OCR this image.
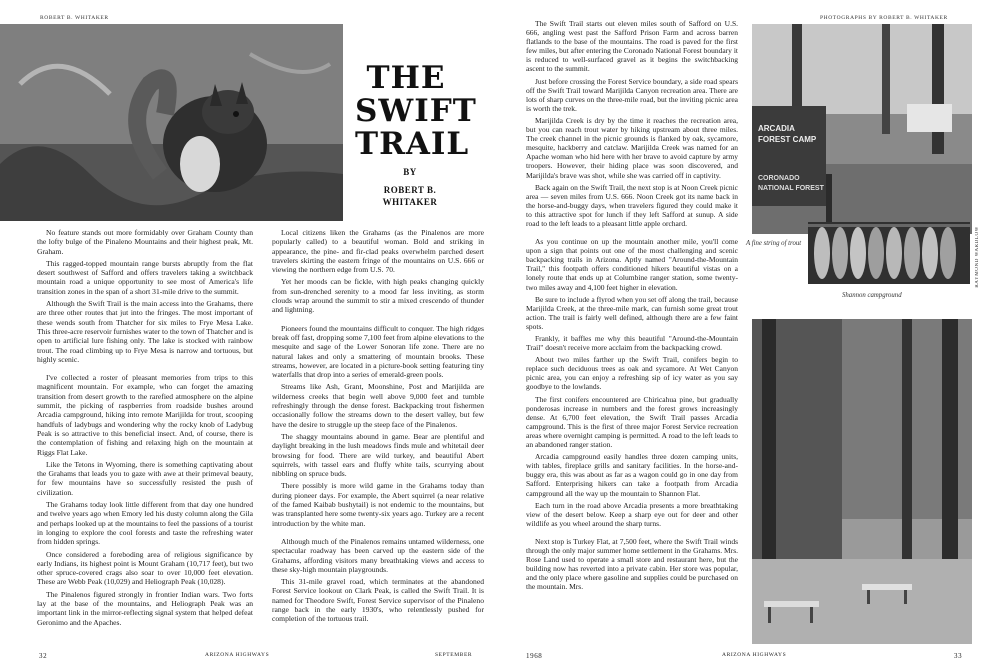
ROBERT B. WHITAKER	PHOTOGRAPHS BY ROBERT B. WHITAKER
THE
SWIFT
TRAIL
BY
ROBERT B.
WHITAKER

No feature stands out more formidably over Graham County than the lofty bulge of the Pinaleno Mountains and their highest peak, Mt. Graham.

This ragged-topped mountain range bursts abruptly from the flat desert southwest of Safford and offers travelers taking a switchback mountain road a unique opportunity to see most of America's life transition zones in the span of a short 31-mile drive to the summit.

Although the Swift Trail is the main access into the Grahams, there are three other routes that jut into the fringes. The most important of these wends south from Thatcher for six miles to Frye Mesa Lake. This three-acre reservoir furnishes water to the town of Thatcher and is open to artificial lure fishing only. The lake is stocked with rainbow trout. The road climbing up to Frye Mesa is narrow and tortuous, but highly scenic.

I've collected a roster of pleasant memories from trips to this magnificent mountain. For example, who can forget the amazing transition from desert growth to the rarefied atmosphere on the alpine summit, the picking of raspberries from roadside bushes around Arcadia campground, hiking into remote Marijilda for trout, scooping handfuls of ladybugs and wondering why the rocky knob of Ladybug Peak is so attractive to this beneficial insect. And, of course, there is the contemplation of fishing and relaxing high on the mountain at Riggs Flat Lake.

Like the Tetons in Wyoming, there is something captivating about the Grahams that leads you to gaze with awe at their primeval beauty, for few mountains have so successfully resisted the push of civilization.

The Grahams today look little different from that day one hundred and twelve years ago when Emory led his dusty column along the Gila and perhaps looked up at the mountains to feel the passions of a tourist in longing to explore the cool forests and taste the refreshing water from hidden springs.

Once considered a foreboding area of religious significance by early Indians, its highest point is Mount Graham (10,717 feet), but two other spruce-covered crags also soar to over 10,000 feet elevation. These are Webb Peak (10,029) and Heliograph Peak (10,028).

The Pinalenos figured strongly in frontier Indian wars. Two forts lay at the base of the mountains, and Heliograph Peak was an important link in the mirror-reflecting signal system that helped defeat Geronimo and the Apaches.

Local citizens liken the Grahams (as the Pinalenos are more popularly called) to a beautiful woman. Bold and striking in appearance, the pine- and fir-clad peaks overwhelm parched desert travelers skirting the eastern fringe of the mountains on U.S. 666 or viewing the northern edge from U.S. 70.

Yet her moods can be fickle, with high peaks changing quickly from sun-drenched serenity to a mood far less inviting, as storm clouds wrap around the summit to stir a mixed crescendo of thunder and lightning.

Pioneers found the mountains difficult to conquer. The high ridges break off fast, dropping some 7,100 feet from alpine elevations to the mesquite and sage of the Lower Sonoran life zone. There are no natural lakes and only a smattering of mountain brooks. These streams, however, are located in a picture-book setting featuring tiny waterfalls that drop into a series of emerald-green pools.

Streams like Ash, Grant, Moonshine, Post and Marijilda are wilderness creeks that begin well above 9,000 feet and tumble refreshingly through the dense forest. Backpacking trout fishermen occasionally follow the streams down to the desert valley, but few have the desire to struggle up the steep face of the Pinalenos.

The shaggy mountains abound in game. Bear are plentiful and daylight breaking in the lush meadows finds mule and whitetail deer browsing for food. There are wild turkey, and beautiful Abert squirrels, with tassel ears and fluffy white tails, scurrying about nibbling on spruce buds.

There possibly is more wild game in the Grahams today than during pioneer days. For example, the Abert squirrel (a near relative of the famed Kaibab bushytail) is not endemic to the mountains, but was transplanted here some twenty-six years ago. Turkey are a recent introduction by the white man.

Although much of the Pinalenos remains untamed wilderness, one spectacular roadway has been carved up the eastern side of the Grahams, affording visitors many breathtaking views and access to these sky-high mountain playgrounds.

This 31-mile gravel road, which terminates at the abandoned Forest Service lookout on Clark Peak, is called the Swift Trail. It is named for Theodore Swift, Forest Service supervisor of the Pinaleno range back in the early 1930's, who relentlessly pushed for completion of the tortuous trail.

The Swift Trail starts out eleven miles south of Safford on U.S. 666, angling west past the Safford Prison Farm and across barren flatlands to the base of the mountains. The road is paved for the first few miles, but after entering the Coronado National Forest boundary it is reduced to well-surfaced gravel as it begins the switchbacking ascent to the summit.

Just before crossing the Forest Service boundary, a side road spears off the Swift Trail toward Marijilda Canyon recreation area. There are lots of sharp curves on the three-mile road, but the inviting picnic area is worth the trek.

Marijilda Creek is dry by the time it reaches the recreation area, but you can reach trout water by hiking upstream about three miles. The creek channel in the picnic grounds is flanked by oak, sycamore, mesquite, hackberry and catclaw. Marijilda Creek was named for an Apache woman who hid here with her brave to avoid capture by army troopers. However, their hiding place was soon discovered, and Marijilda's brave was shot, while she was carried off in captivity.

Back again on the Swift Trail, the next stop is at Noon Creek picnic area — seven miles from U.S. 666. Noon Creek got its name back in the horse-and-buggy days, when travelers figured they could make it to this attractive spot for lunch if they left Safford at sunup. A side road to the left leads to a pleasant little apple orchard.

As you continue on up the mountain another mile, you'll come upon a sign that points out one of the most challenging and scenic backpacking trails in Arizona. Aptly named "Around-the-Mountain Trail," this footpath offers conditioned hikers beautiful vistas on a lonely route that ends up at Columbine ranger station, some twenty-two miles away and 4,100 feet higher in elevation.

Be sure to include a flyrod when you set off along the trail, because Marijilda Creek, at the three-mile mark, can furnish some great trout action. The trail is fairly well defined, although there are a few faint spots.

Frankly, it baffles me why this beautiful "Around-the-Mountain Trail" doesn't receive more acclaim from the backpacking crowd.

About two miles farther up the Swift Trail, conifers begin to replace such deciduous trees as oak and sycamore. At Wet Canyon picnic area, you can enjoy a refreshing sip of icy water as you say goodbye to the lowlands.

The first conifers encountered are Chiricahua pine, but gradually ponderosas increase in numbers and the forest grows increasingly dense. At 6,700 feet elevation, the Swift Trail passes Arcadia campground. This is the first of three major Forest Service recreation areas where overnight camping is permitted. A road to the left leads to an abandoned ranger station.

Arcadia campground easily handles three dozen camping units, with tables, fireplace grills and sanitary facilities. In the horse-and-buggy era, this was about as far as a wagon could go in one day from Safford. Enterprising hikers can take a footpath from Arcadia campground all the way up the mountain to Shannon Flat.

Each turn in the road above Arcadia presents a more breathtaking view of the desert below. Keep a sharp eye out for deer and other wildlife as you wheel around the sharp turns.

Next stop is Turkey Flat, at 7,500 feet, where the Swift Trail winds through the only major summer home settlement in the Grahams. Mrs. Rose Land used to operate a small store and restaurant here, but the building now has reverted into a private cabin. Her store was popular, and the only place where gasoline and supplies could be purchased on the mountain. Mrs.

ARCADIA
FOREST CAMP
CORONADO
NATIONAL FOREST
A fine string of trout	RAYMOND WARDLOW
Shannon campground
32	ARIZONA HIGHWAYS	SEPTEMBER	1968	ARIZONA HIGHWAYS	33
